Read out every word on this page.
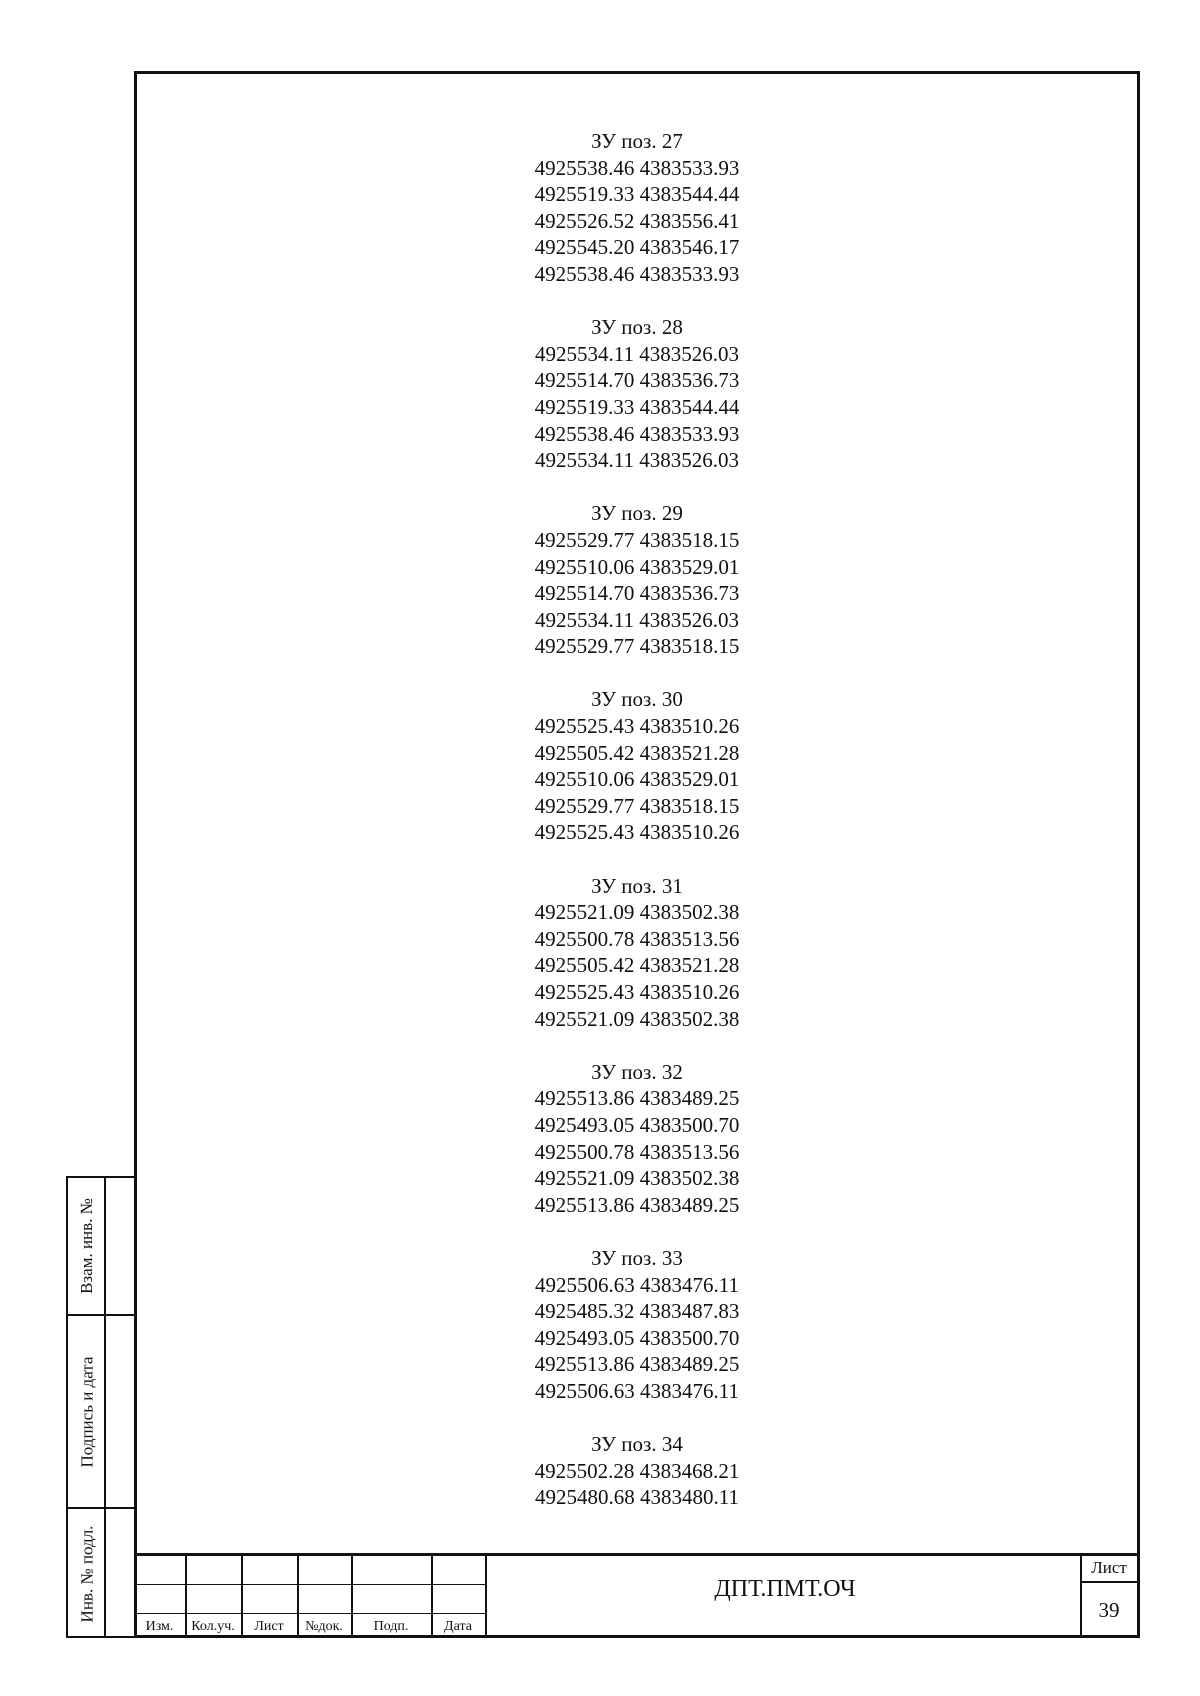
ЗУ поз. 27
4925538.46 4383533.93
4925519.33 4383544.44
4925526.52 4383556.41
4925545.20 4383546.17
4925538.46 4383533.93
ЗУ поз. 28
4925534.11 4383526.03
4925514.70 4383536.73
4925519.33 4383544.44
4925538.46 4383533.93
4925534.11 4383526.03
ЗУ поз. 29
4925529.77 4383518.15
4925510.06 4383529.01
4925514.70 4383536.73
4925534.11 4383526.03
4925529.77 4383518.15
ЗУ поз. 30
4925525.43 4383510.26
4925505.42 4383521.28
4925510.06 4383529.01
4925529.77 4383518.15
4925525.43 4383510.26
ЗУ поз. 31
4925521.09 4383502.38
4925500.78 4383513.56
4925505.42 4383521.28
4925525.43 4383510.26
4925521.09 4383502.38
ЗУ поз. 32
4925513.86 4383489.25
4925493.05 4383500.70
4925500.78 4383513.56
4925521.09 4383502.38
4925513.86 4383489.25
ЗУ поз. 33
4925506.63 4383476.11
4925485.32 4383487.83
4925493.05 4383500.70
4925513.86 4383489.25
4925506.63 4383476.11
ЗУ поз. 34
4925502.28 4383468.21
4925480.68 4383480.11
Взам. инв. №
Подпись и дата
Инв. № подл.
Изм.	Кол.уч.	Лист	№док.	Подп.	Дата
ДПТ.ПМТ.ОЧ
Лист
39
